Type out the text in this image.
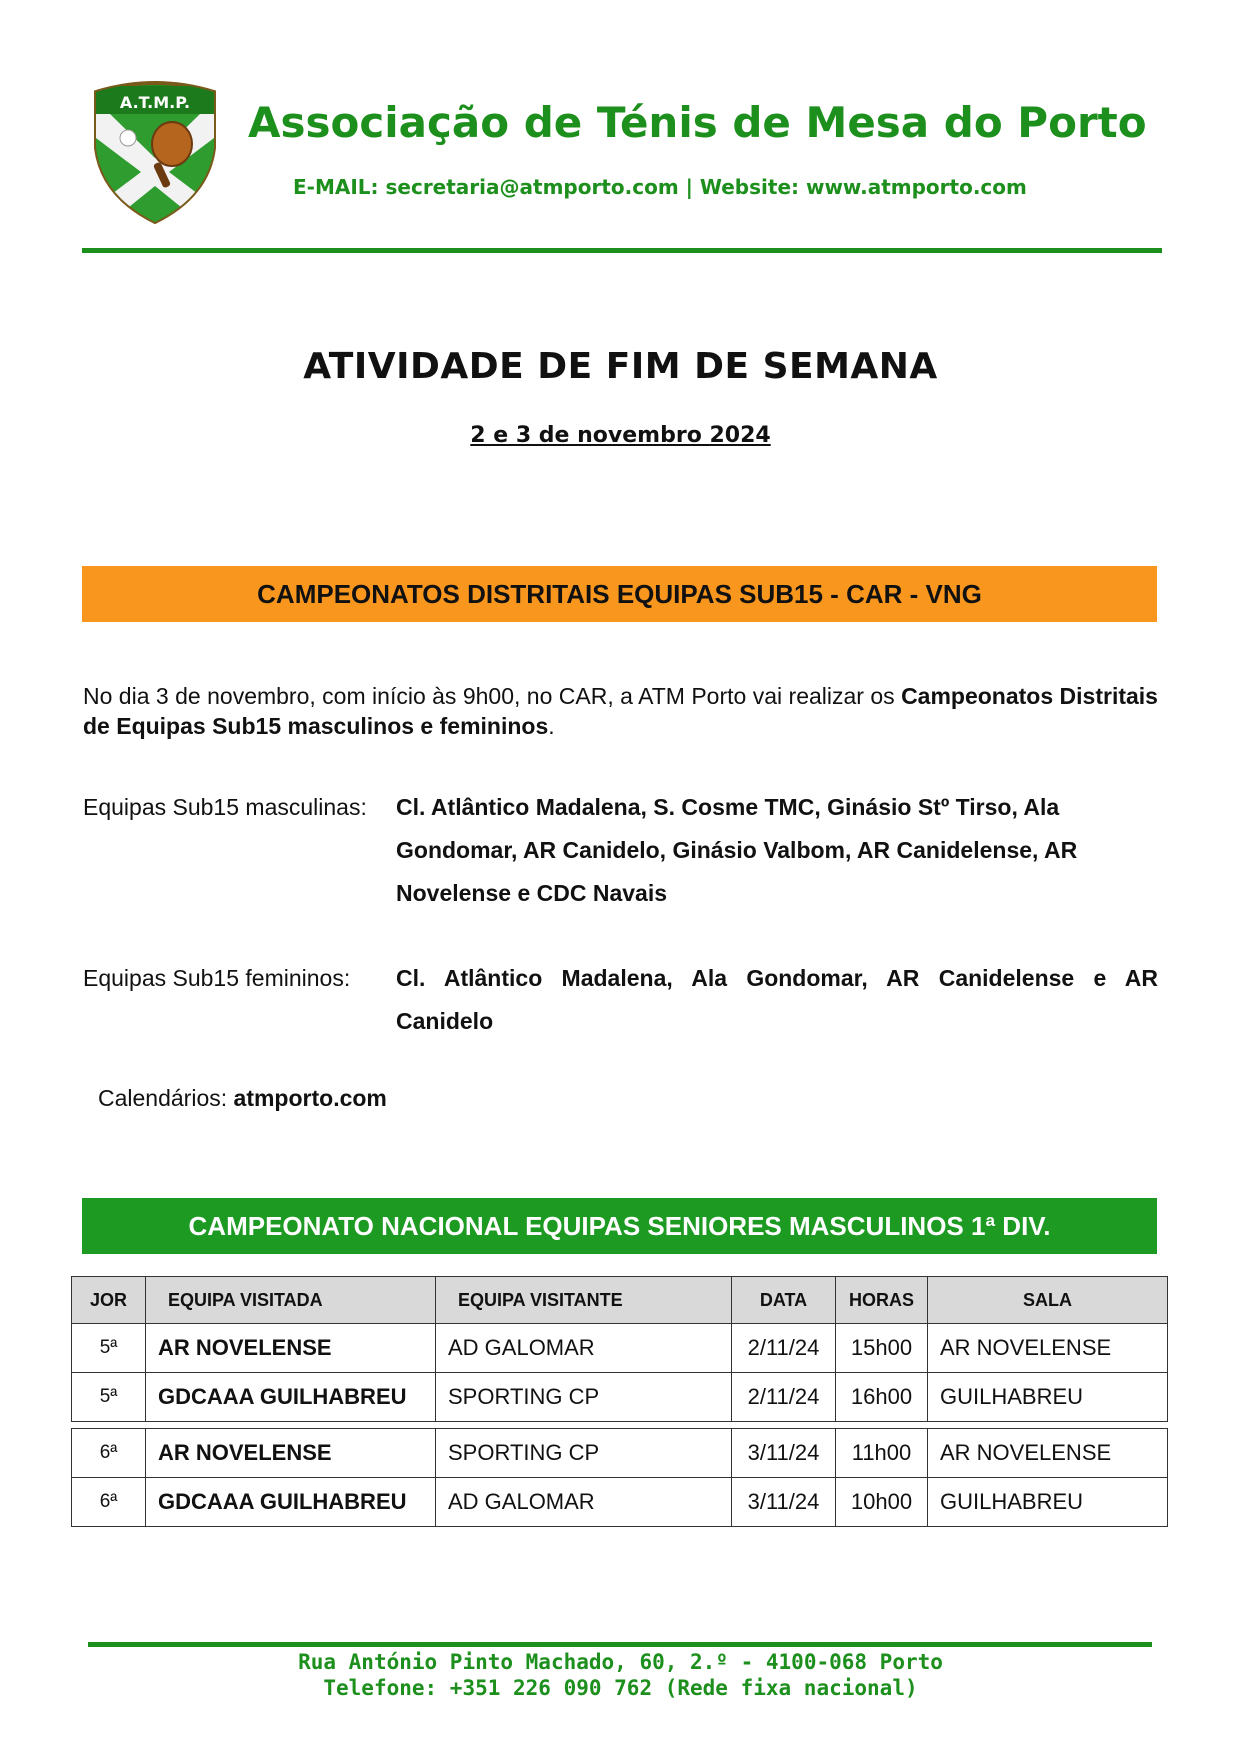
A.T.M.P. Associação de Ténis de Mesa do Porto
E-MAIL: secretaria@atmporto.com | Website: www.atmporto.com
ATIVIDADE DE FIM DE SEMANA
2 e 3 de novembro 2024
CAMPEONATOS DISTRITAIS EQUIPAS SUB15 - CAR - VNG
No dia 3 de novembro, com início às 9h00, no CAR, a ATM Porto vai realizar os Campeonatos Distritais de Equipas Sub15 masculinos e femininos.
Equipas Sub15 masculinas: Cl. Atlântico Madalena, S. Cosme TMC, Ginásio Stº Tirso, Ala Gondomar, AR Canidelo, Ginásio Valbom, AR Canidelense, AR Novelense e CDC Navais
Equipas Sub15 femininos: Cl. Atlântico Madalena, Ala Gondomar, AR Canidelense e AR Canidelo
Calendários: atmporto.com
CAMPEONATO NACIONAL EQUIPAS SENIORES MASCULINOS 1ª DIV.
JOR	EQUIPA VISITADA	EQUIPA VISITANTE	DATA	HORAS	SALA
5ª	AR NOVELENSE	AD GALOMAR	2/11/24	15h00	AR NOVELENSE
5ª	GDCAAA GUILHABREU	SPORTING CP	2/11/24	16h00	GUILHABREU

6ª	AR NOVELENSE	SPORTING CP	3/11/24	11h00	AR NOVELENSE
6ª	GDCAAA GUILHABREU	AD GALOMAR	3/11/24	10h00	GUILHABREU
Rua António Pinto Machado, 60, 2.º - 4100-068 Porto
Telefone: +351 226 090 762 (Rede fixa nacional)
